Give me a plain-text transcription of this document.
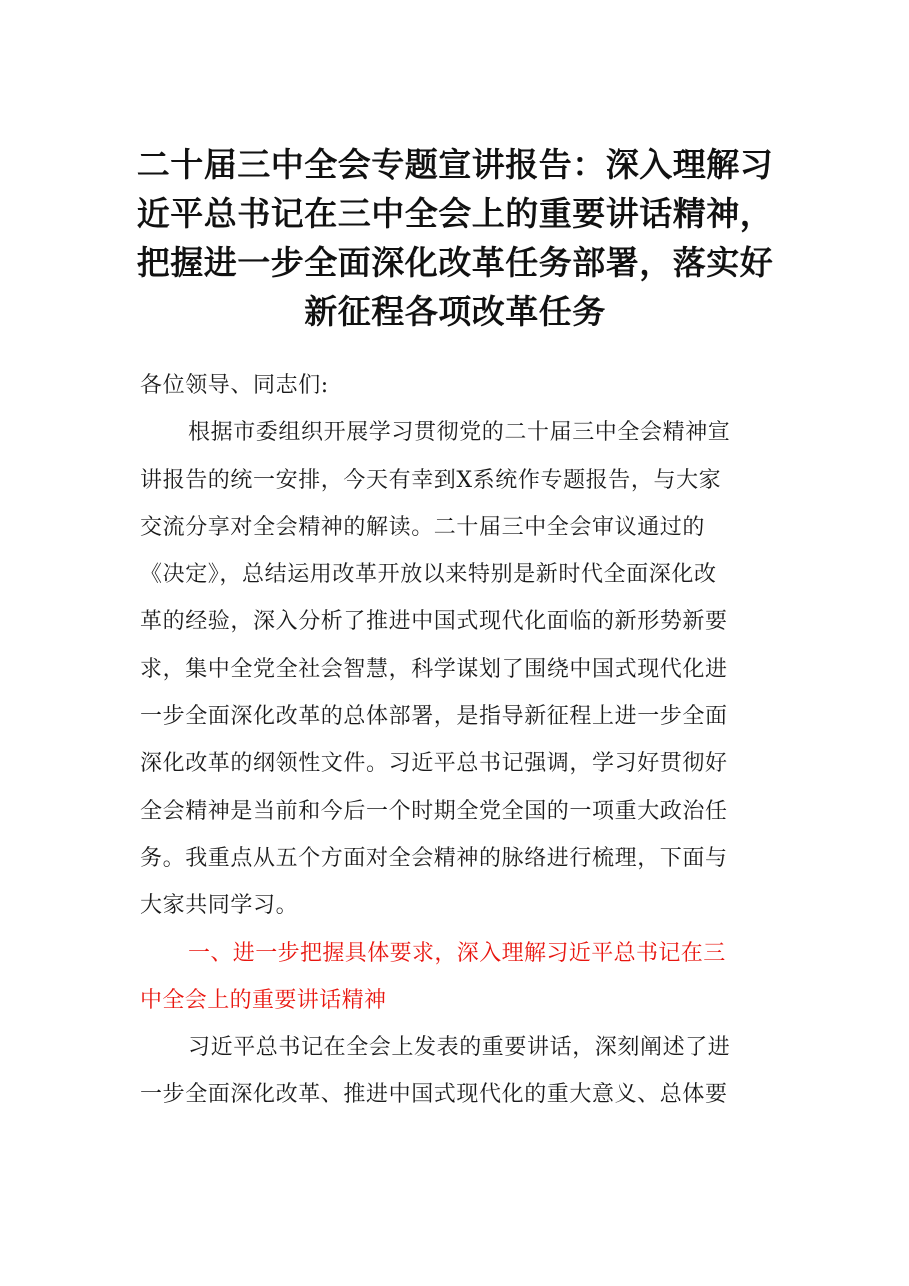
二十届三中全会专题宣讲报告：深入理解习
近平总书记在三中全会上的重要讲话精神，
把握进一步全面深化改革任务部署，落实好
新征程各项改革任务
各位领导、同志们:
根据市委组织开展学习贯彻党的二十届三中全会精神宣
讲报告的统一安排，今天有幸到X系统作专题报告，与大家
交流分享对全会精神的解读。二十届三中全会审议通过的
《决定》，总结运用改革开放以来特别是新时代全面深化改
革的经验，深入分析了推进中国式现代化面临的新形势新要
求，集中全党全社会智慧，科学谋划了围绕中国式现代化进
一步全面深化改革的总体部署，是指导新征程上进一步全面
深化改革的纲领性文件。习近平总书记强调，学习好贯彻好
全会精神是当前和今后一个时期全党全国的一项重大政治任
务。我重点从五个方面对全会精神的脉络进行梳理，下面与
大家共同学习。
一、进一步把握具体要求，深入理解习近平总书记在三
中全会上的重要讲话精神
习近平总书记在全会上发表的重要讲话，深刻阐述了进
一步全面深化改革、推进中国式现代化的重大意义、总体要
